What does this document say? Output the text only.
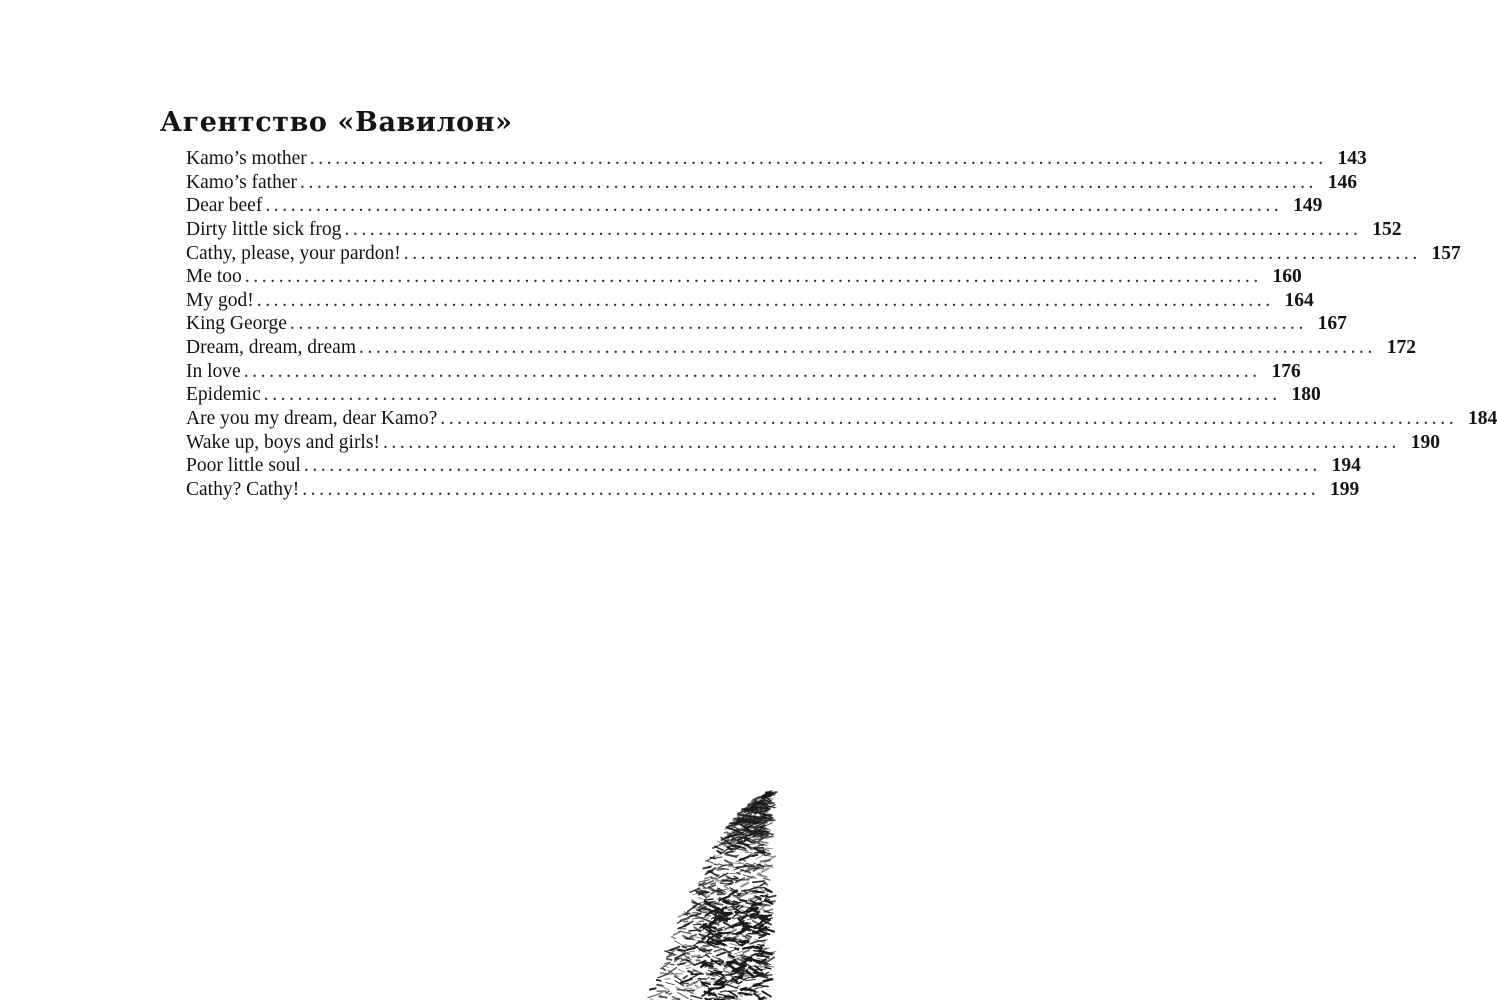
Агентство «Вавилон»
Kamo’s mother ........................................................................................................................ 143
Kamo’s father ........................................................................................................................ 146
Dear beef ........................................................................................................................ 149
Dirty little sick frog ........................................................................................................................ 152
Cathy, please, your pardon! ........................................................................................................................ 157
Me too ........................................................................................................................ 160
My god! ........................................................................................................................ 164
King George ........................................................................................................................ 167
Dream, dream, dream ........................................................................................................................ 172
In love ........................................................................................................................ 176
Epidemic ........................................................................................................................ 180
Are you my dream, dear Kamo? ........................................................................................................................ 184
Wake up, boys and girls! ........................................................................................................................ 190
Poor little soul ........................................................................................................................ 194
Cathy? Cathy! ........................................................................................................................ 199
